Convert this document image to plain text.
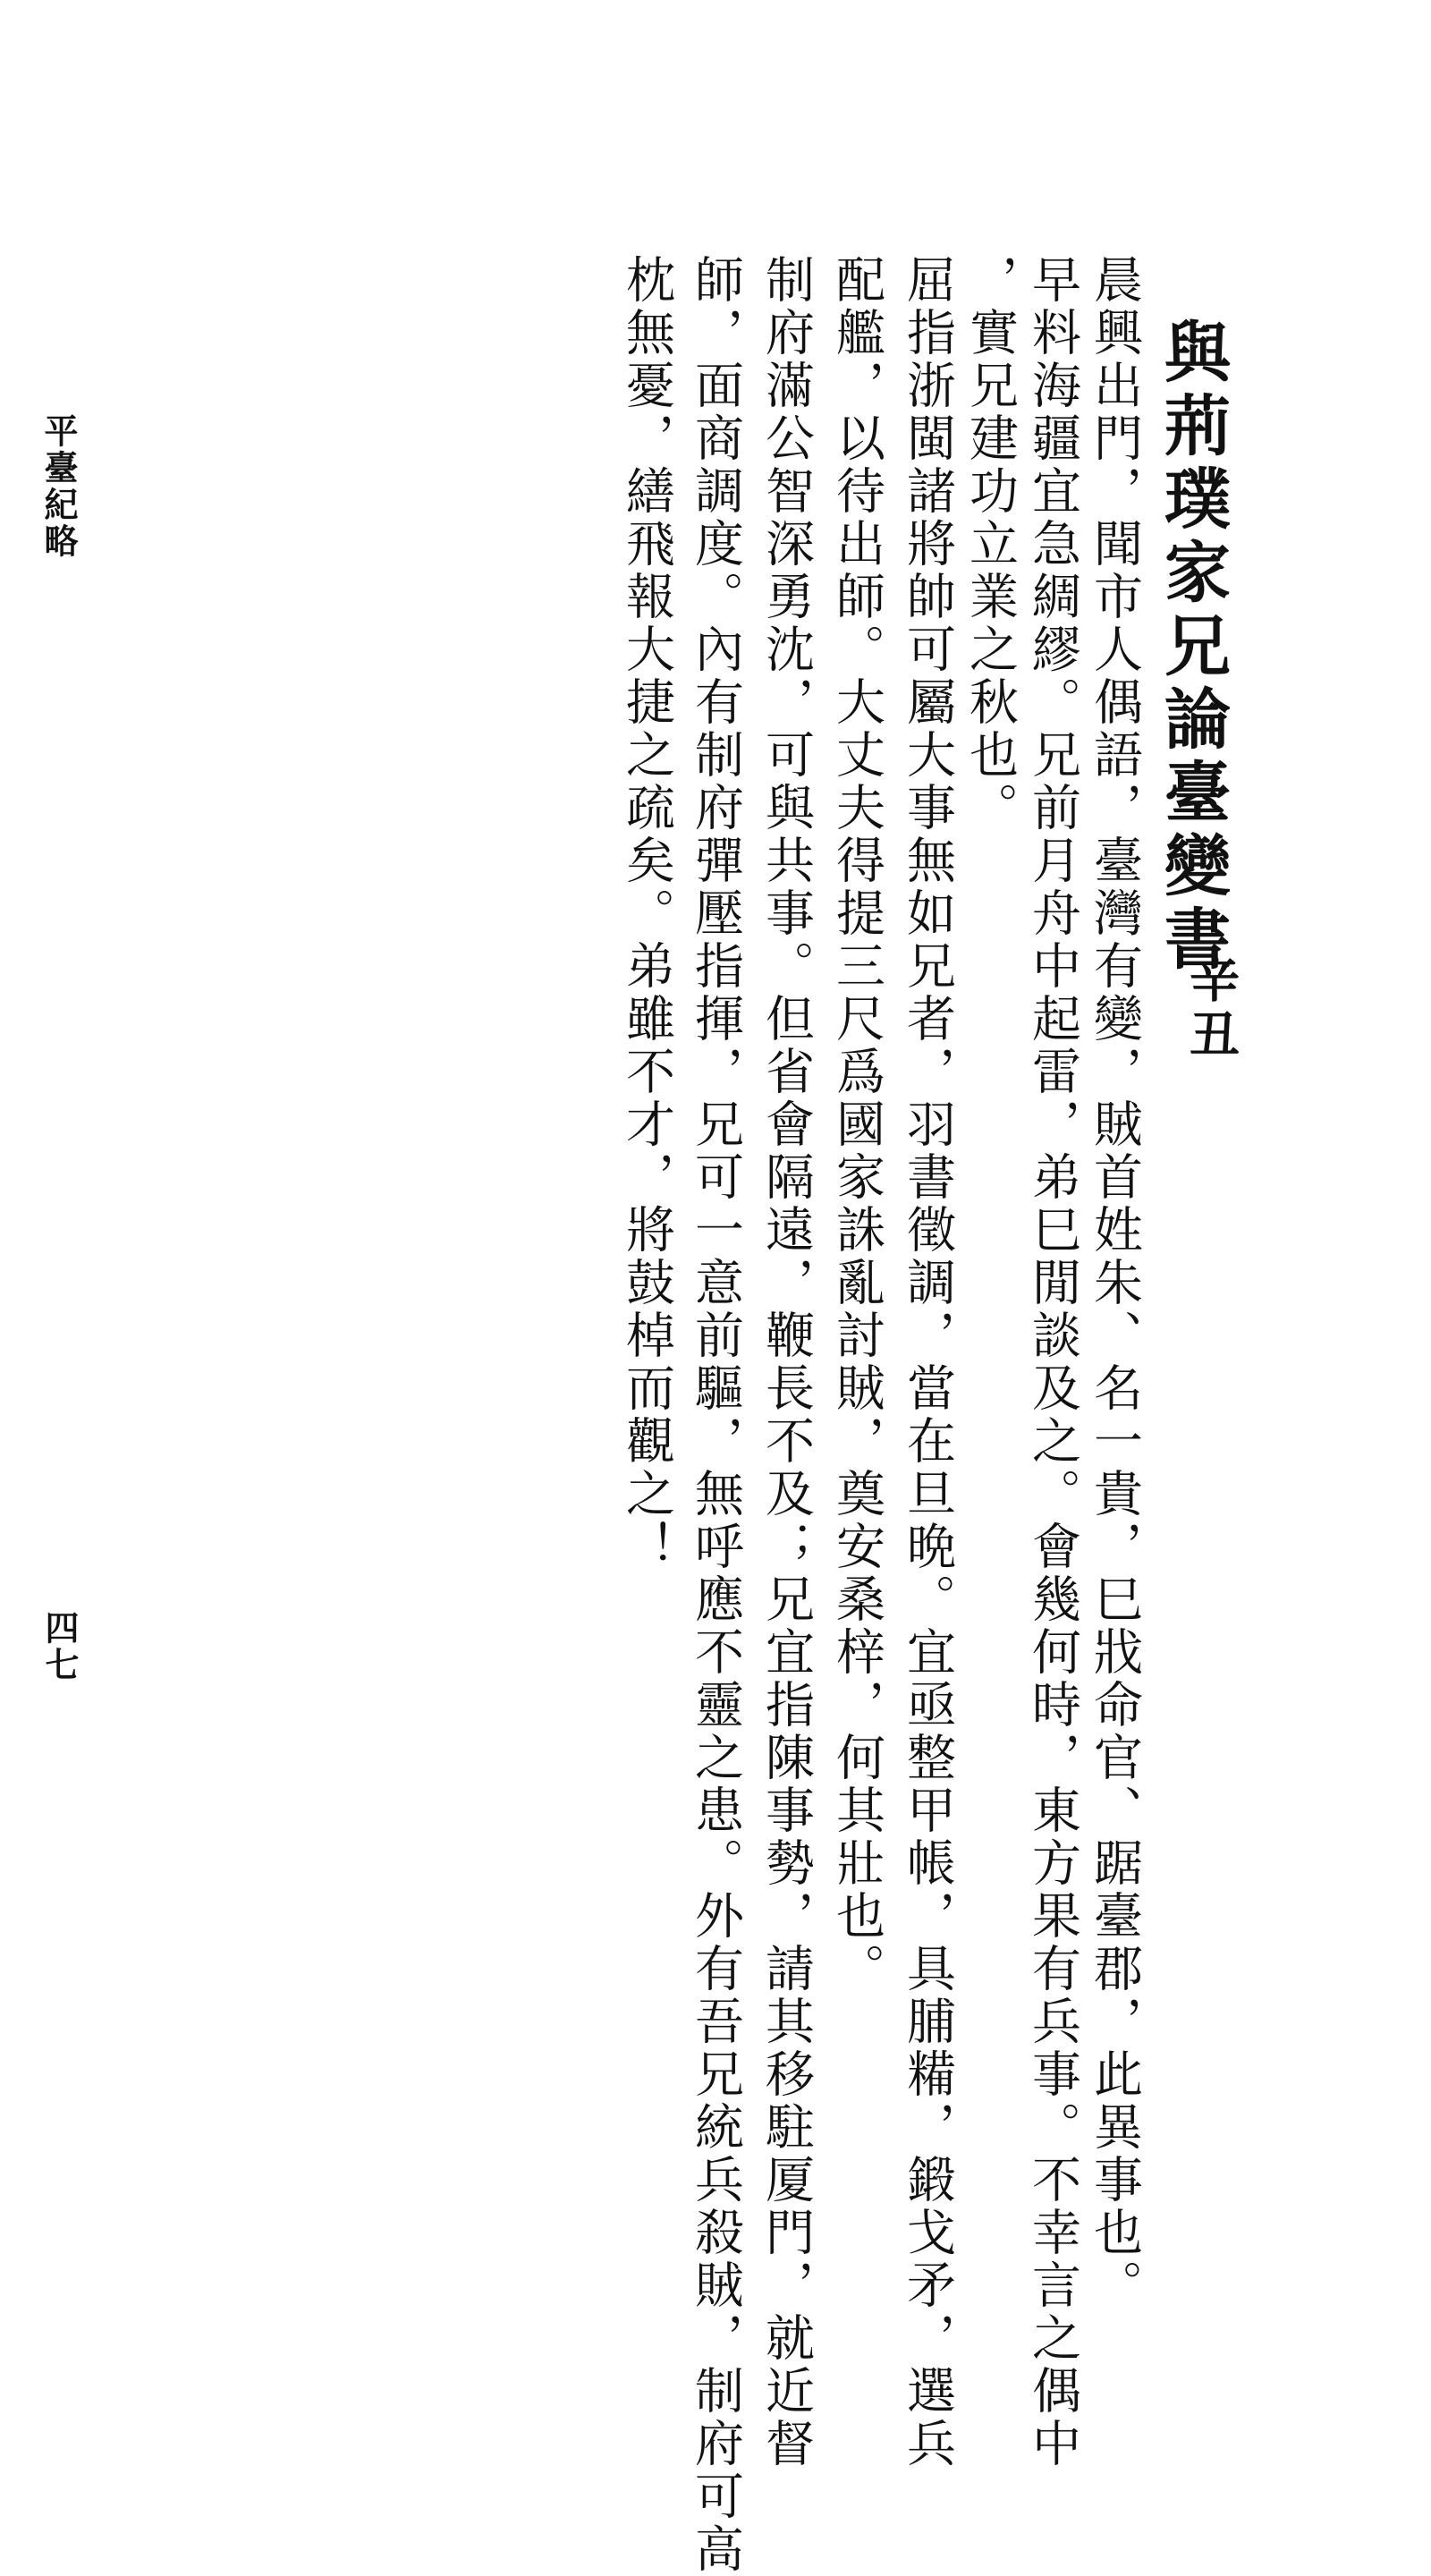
與荊璞家兄論臺變書
辛丑
晨興出門，聞市人偶語，臺灣有變，賊首姓朱、名一貴，巳戕命官、踞臺郡，此異事也。
早料海疆宜急綢繆。兄前月舟中起雷，弟巳閒談及之。會幾何時，東方果有兵事。不幸言之偶中
，實兄建功立業之秋也。
屈指浙閩諸將帥可屬大事無如兄者，羽書徵調，當在旦晩。宜亟整甲帳，具脯糒，鍛戈矛，選兵
配艦，以待出師。大丈夫得提三尺爲國家誅亂討賊，奠安桑梓，何其壯也。
制府滿公智深勇沈，可與共事。但省會隔遠，鞭長不及；兄宜指陳事勢，請其移駐厦門，就近督
師，面商調度。內有制府彈壓指揮，兄可一意前驅，無呼應不靈之患。外有吾兄統兵殺賊，制府可高
枕無憂，繕飛報大捷之疏矣。弟雖不才，將鼓棹而觀之！
平臺紀略
四七
